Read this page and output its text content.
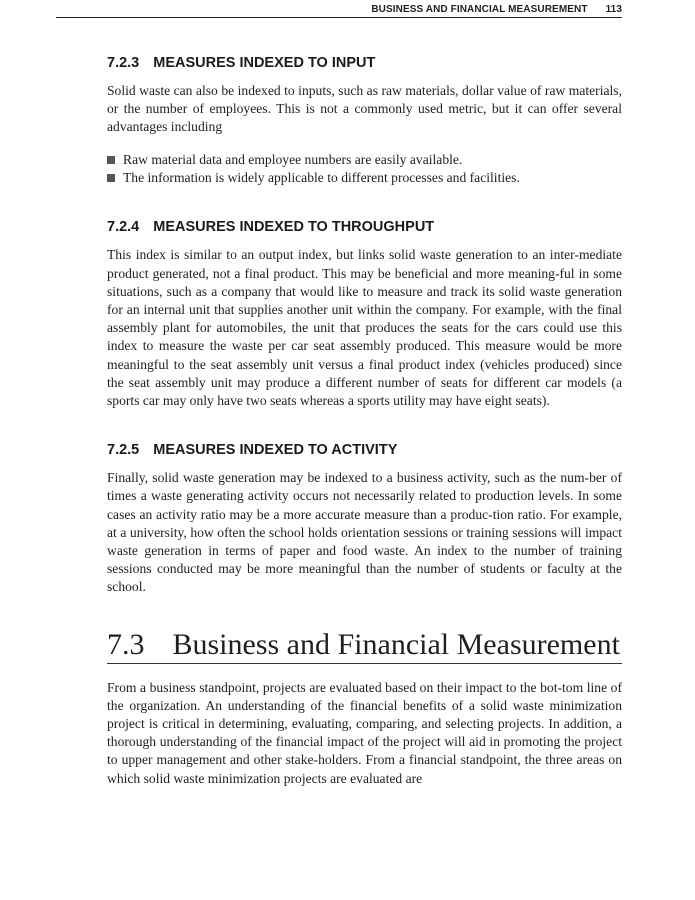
BUSINESS AND FINANCIAL MEASUREMENT 113
7.2.3 MEASURES INDEXED TO INPUT

Solid waste can also be indexed to inputs, such as raw materials, dollar value of raw materials, or the number of employees. This is not a commonly used metric, but it can offer several advantages including

Raw material data and employee numbers are easily available.
The information is widely applicable to different processes and facilities.
7.2.4 MEASURES INDEXED TO THROUGHPUT

This index is similar to an output index, but links solid waste generation to an inter-mediate product generated, not a final product. This may be beneficial and more meaning-ful in some situations, such as a company that would like to measure and track its solid waste generation for an internal unit that supplies another unit within the company. For example, with the final assembly plant for automobiles, the unit that produces the seats for the cars could use this index to measure the waste per car seat assembly produced. This measure would be more meaningful to the seat assembly unit versus a final product index (vehicles produced) since the seat assembly unit may produce a different number of seats for different car models (a sports car may only have two seats whereas a sports utility may have eight seats).

7.2.5 MEASURES INDEXED TO ACTIVITY

Finally, solid waste generation may be indexed to a business activity, such as the num-ber of times a waste generating activity occurs not necessarily related to production levels. In some cases an activity ratio may be a more accurate measure than a produc-tion ratio. For example, at a university, how often the school holds orientation sessions or training sessions will impact waste generation in terms of paper and food waste. An index to the number of training sessions conducted may be more meaningful than the number of students or faculty at the school.

7.3 Business and Financial Measurement

From a business standpoint, projects are evaluated based on their impact to the bot-tom line of the organization. An understanding of the financial benefits of a solid waste minimization project is critical in determining, evaluating, comparing, and selecting projects. In addition, a thorough understanding of the financial impact of the project will aid in promoting the project to upper management and other stake-holders. From a financial standpoint, the three areas on which solid waste minimization projects are evaluated are
